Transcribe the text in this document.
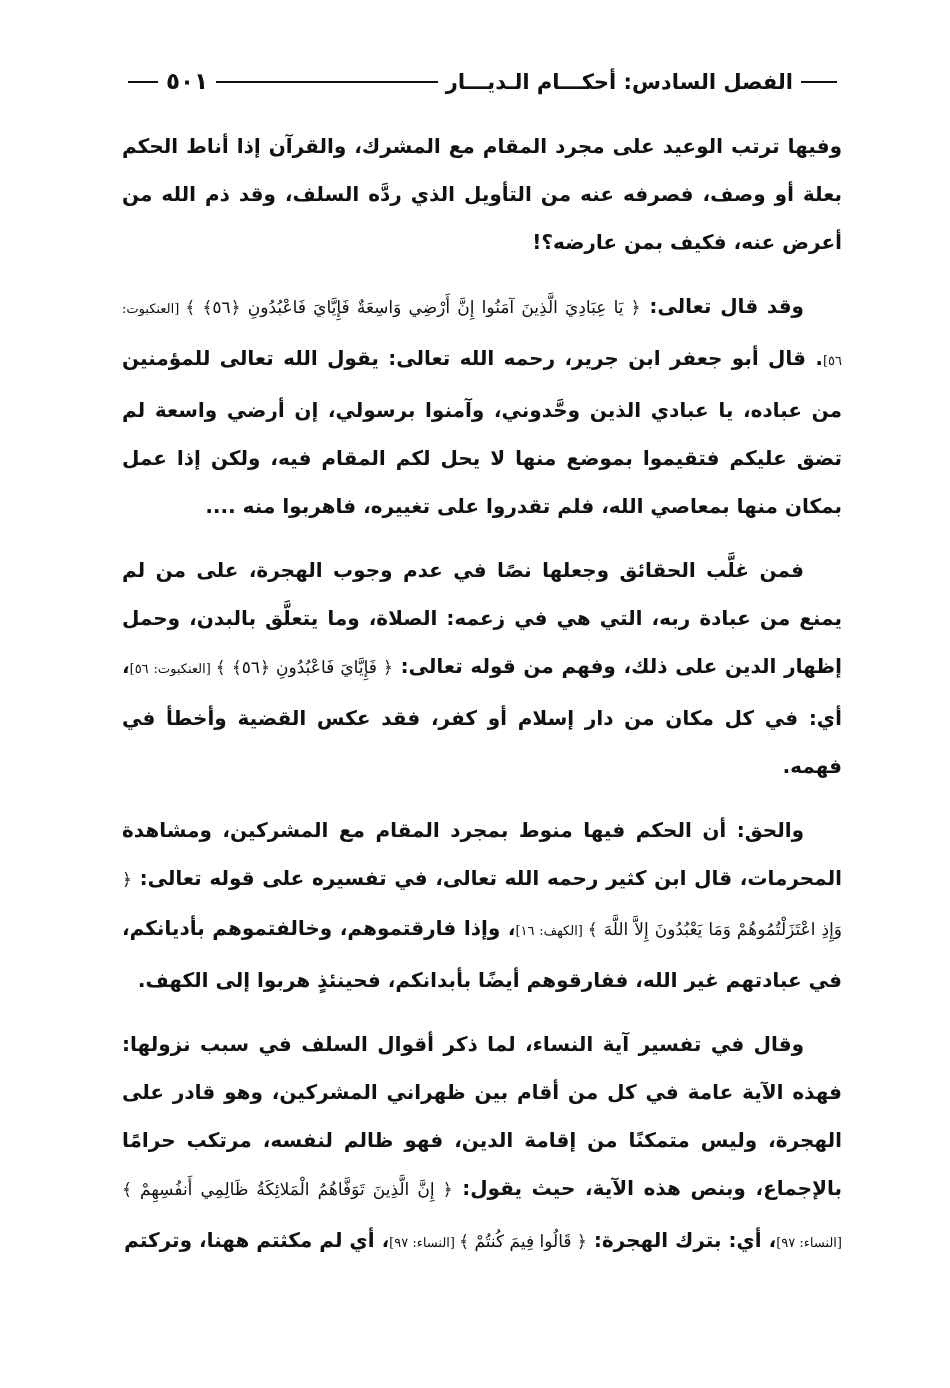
٥٠١	الفصل السادس: أحكـــام الـديـــار

وفيها ترتب الوعيد على مجرد المقام مع المشرك، والقرآن إذا أناط الحكم بعلة أو وصف، فصرفه عنه من التأويل الذي ردَّه السلف، وقد ذم الله من أعرض عنه، فكيف بمن عارضه؟!

وقد قال تعالى: ﴿ يَا عِبَادِيَ الَّذِينَ آمَنُوا إِنَّ أَرْضِي وَاسِعَةٌ فَإِيَّايَ فَاعْبُدُونِ ﴿٥٦﴾ ﴾ [العنكبوت: ٥٦]. قال أبو جعفر ابن جرير، رحمه الله تعالى: يقول الله تعالى للمؤمنين من عباده، يا عبادي الذين وحَّدوني، وآمنوا برسولي، إن أرضي واسعة لم تضق عليكم فتقيموا بموضع منها لا يحل لكم المقام فيه، ولكن إذا عمل بمكان منها بمعاصي الله، فلم تقدروا على تغييره، فاهربوا منه ....

فمن غلَّب الحقائق وجعلها نصًا في عدم وجوب الهجرة، على من لم يمنع من عبادة ربه، التي هي في زعمه: الصلاة، وما يتعلَّق بالبدن، وحمل إظهار الدين على ذلك، وفهم من قوله تعالى: ﴿ فَإِيَّايَ فَاعْبُدُونِ ﴿٥٦﴾ ﴾ [العنكبوت: ٥٦]، أي: في كل مكان من دار إسلام أو كفر، فقد عكس القضية وأخطأ في فهمه.

والحق: أن الحكم فيها منوط بمجرد المقام مع المشركين، ومشاهدة المحرمات، قال ابن كثير رحمه الله تعالى، في تفسيره على قوله تعالى: ﴿ وَإِذِ اعْتَزَلْتُمُوهُمْ وَمَا يَعْبُدُونَ إِلاَّ اللَّهَ ﴾ [الكهف: ١٦]، وإذا فارقتموهم، وخالفتموهم بأديانكم، في عبادتهم غير الله، ففارقوهم أيضًا بأبدانكم، فحينئذٍ هربوا إلى الكهف.

وقال في تفسير آية النساء، لما ذكر أقوال السلف في سبب نزولها: فهذه الآية عامة في كل من أقام بين ظهراني المشركين، وهو قادر على الهجرة، وليس متمكنًا من إقامة الدين، فهو ظالم لنفسه، مرتكب حرامًا بالإجماع، وبنص هذه الآية، حيث يقول: ﴿ إِنَّ الَّذِينَ تَوَفَّاهُمُ الْمَلائِكَةُ ظَالِمِي أَنفُسِهِمْ ﴾ [النساء: ٩٧]، أي: بترك الهجرة: ﴿ قَالُوا فِيمَ كُنتُمْ ﴾ [النساء: ٩٧]، أي لم مكثتم ههنا، وتركتم
